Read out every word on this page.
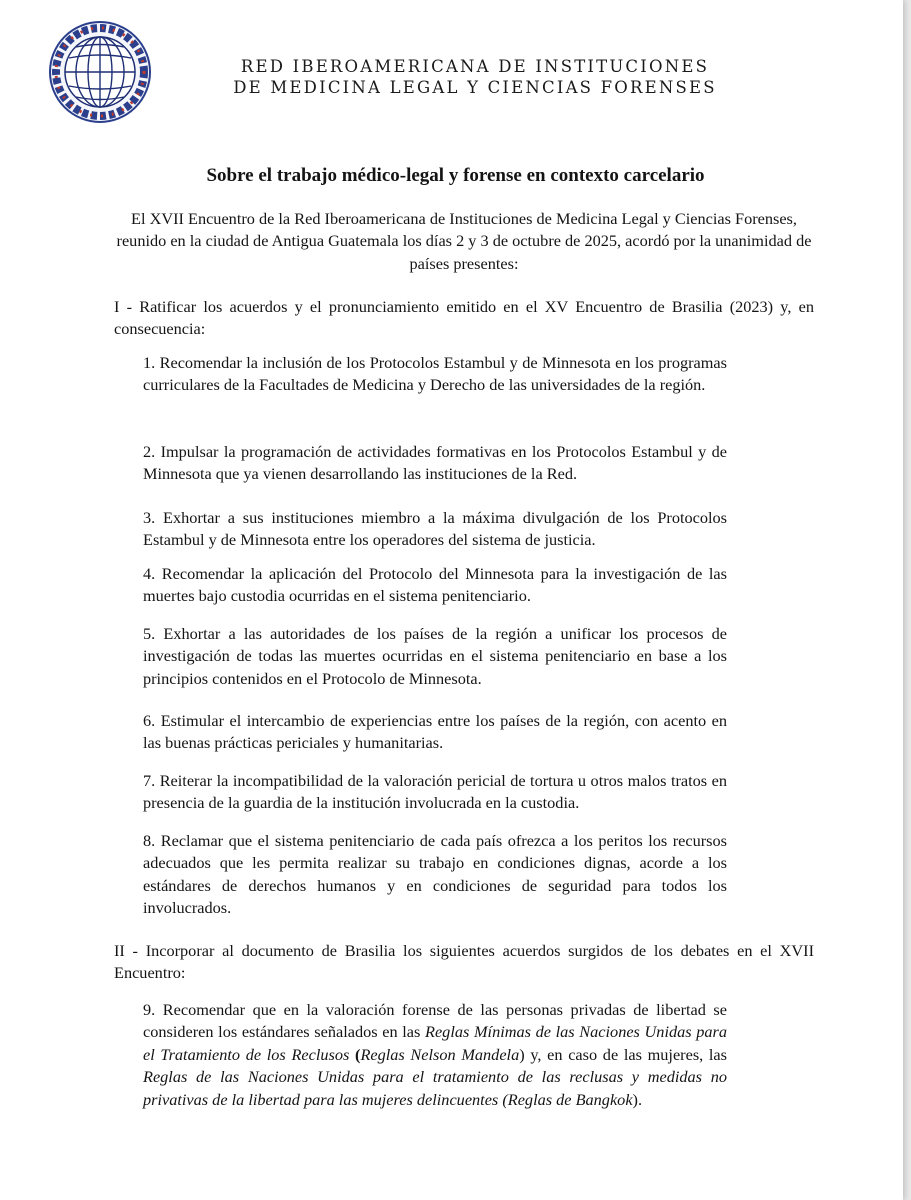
RED IBEROAMERICANA DE INSTITUCIONES
DE MEDICINA LEGAL Y CIENCIAS FORENSES
Sobre el trabajo médico-legal y forense en contexto carcelario

El XVII Encuentro de la Red Iberoamericana de Instituciones de Medicina Legal y Ciencias Forenses, reunido en la ciudad de Antigua Guatemala los días 2 y 3 de octubre de 2025, acordó por la unanimidad de países presentes:

I - Ratificar los acuerdos y el pronunciamiento emitido en el XV Encuentro de Brasilia (2023) y, en consecuencia:

1. Recomendar la inclusión de los Protocolos Estambul y de Minnesota en los programas curriculares de la Facultades de Medicina y Derecho de las universidades de la región.

2. Impulsar la programación de actividades formativas en los Protocolos Estambul y de Minnesota que ya vienen desarrollando las instituciones de la Red.

3. Exhortar a sus instituciones miembro a la máxima divulgación de los Protocolos Estambul y de Minnesota entre los operadores del sistema de justicia.

4. Recomendar la aplicación del Protocolo del Minnesota para la investigación de las muertes bajo custodia ocurridas en el sistema penitenciario.

5. Exhortar a las autoridades de los países de la región a unificar los procesos de investigación de todas las muertes ocurridas en el sistema penitenciario en base a los principios contenidos en el Protocolo de Minnesota.

6. Estimular el intercambio de experiencias entre los países de la región, con acento en las buenas prácticas periciales y humanitarias.

7. Reiterar la incompatibilidad de la valoración pericial de tortura u otros malos tratos en presencia de la guardia de la institución involucrada en la custodia.

8. Reclamar que el sistema penitenciario de cada país ofrezca a los peritos los recursos adecuados que les permita realizar su trabajo en condiciones dignas, acorde a los estándares de derechos humanos y en condiciones de seguridad para todos los involucrados.

II - Incorporar al documento de Brasilia los siguientes acuerdos surgidos de los debates en el XVII Encuentro:

9. Recomendar que en la valoración forense de las personas privadas de libertad se consideren los estándares señalados en las Reglas Mínimas de las Naciones Unidas para el Tratamiento de los Reclusos (Reglas Nelson Mandela) y, en caso de las mujeres, las Reglas de las Naciones Unidas para el tratamiento de las reclusas y medidas no privativas de la libertad para las mujeres delincuentes (Reglas de Bangkok).
